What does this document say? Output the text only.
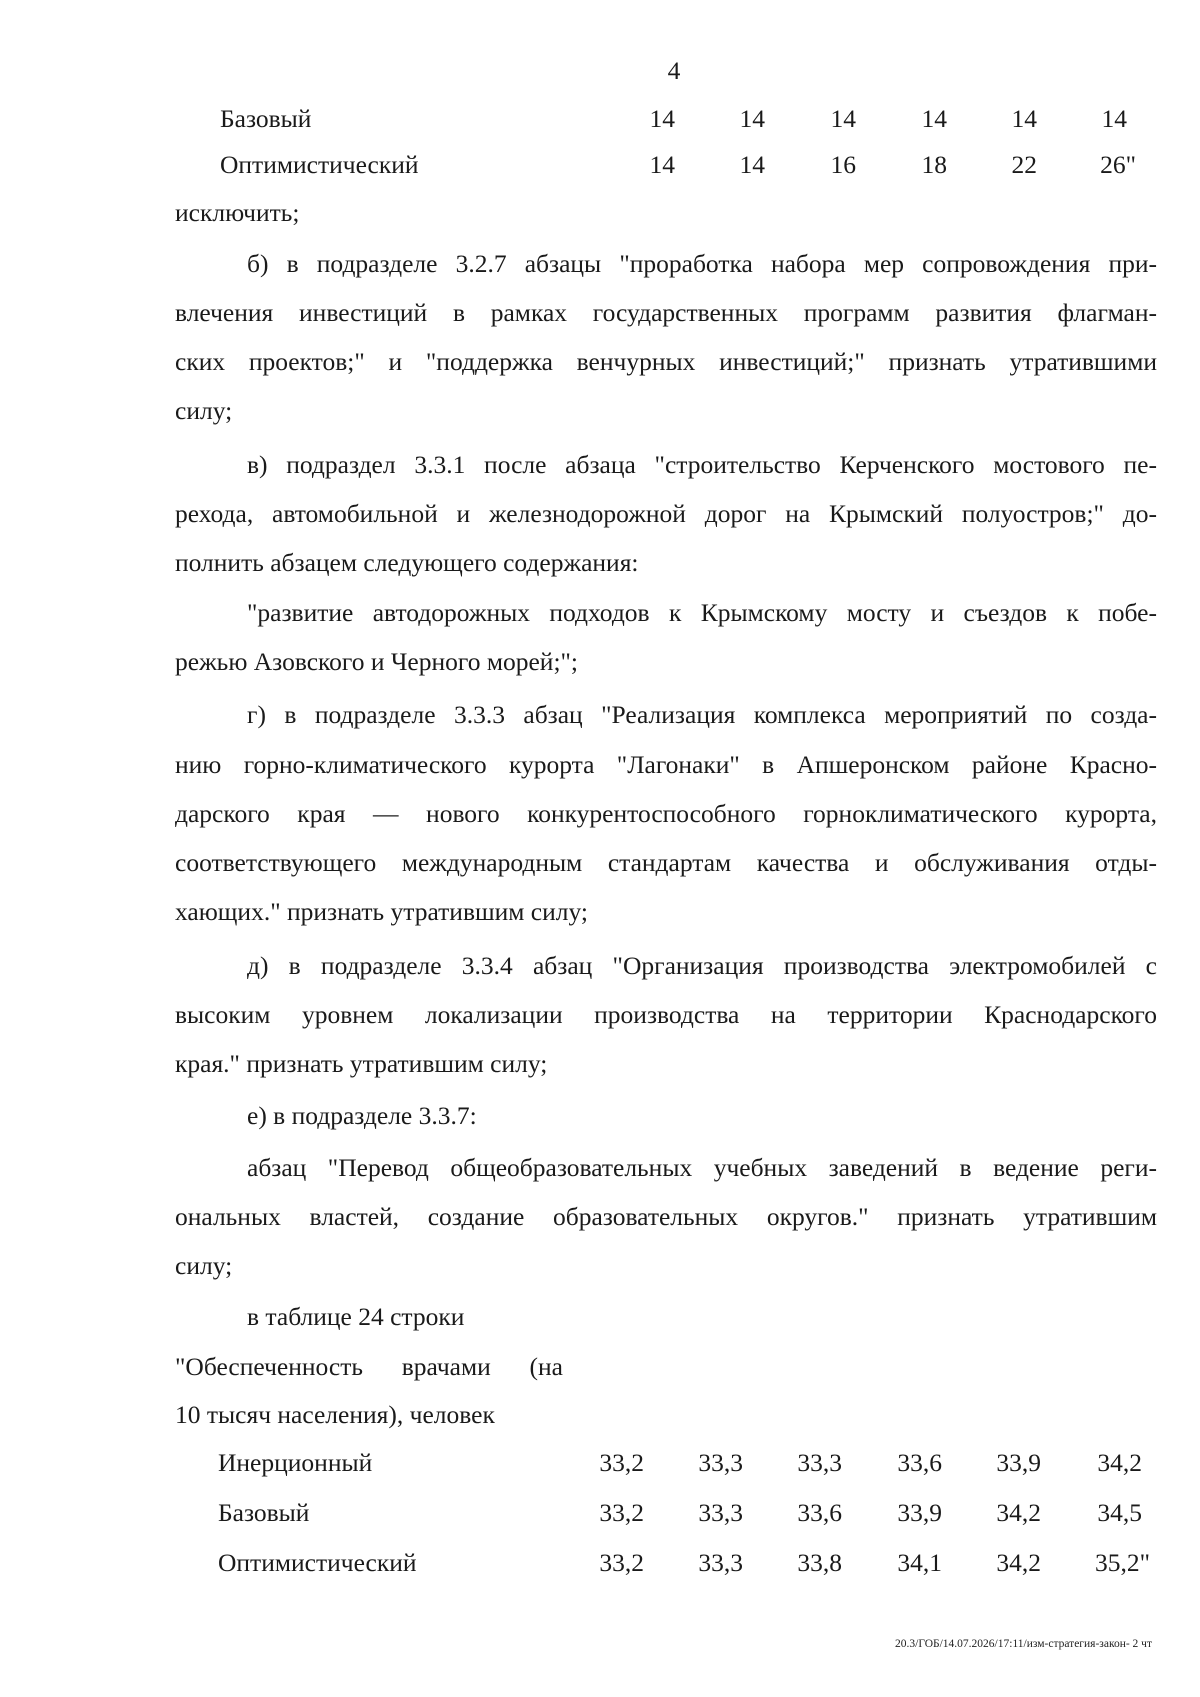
4
Базовый	14	14	14	14	14	14
Оптимистический	14	14	16	18	22 26"
исключить;
б) в подразделе 3.2.7 абзацы "проработка набора мер сопровождения при-
влечения инвестиций в рамках государственных программ развития флагман-
ских проектов;" и "поддержка венчурных инвестиций;" признать утратившими
силу;
в) подраздел 3.3.1 после абзаца "строительство Керченского мостового пе-
рехода, автомобильной и железнодорожной дорог на Крымский полуостров;" до-
полнить абзацем следующего содержания:
"развитие автодорожных подходов к Крымскому мосту и съездов к побе-
режью Азовского и Черного морей;";
г) в подразделе 3.3.3 абзац "Реализация комплекса мероприятий по созда-
нию горно-климатического курорта "Лагонаки" в Апшеронском районе Красно-
дарского края — нового конкурентоспособного горноклиматического курорта,
соответствующего международным стандартам качества и обслуживания отды-
хающих." признать утратившим силу;
д) в подразделе 3.3.4 абзац "Организация производства электромобилей с
высоким уровнем локализации производства на территории Краснодарского
края." признать утратившим силу;
е) в подразделе 3.3.7:
абзац "Перевод общеобразовательных учебных заведений в ведение реги-
ональных властей, создание образовательных округов." признать утратившим
силу;
в таблице 24 строки
"Обеспеченность врачами (на
10 тысяч населения), человек
Инерционный	33,2 33,3 33,3 33,6 33,9 34,2
Базовый	33,2 33,3 33,6 33,9 34,2 34,5
Оптимистический	33,2 33,3 33,8 34,1 34,2 35,2"
20.3/ГОБ/14.07.2026/17:11/изм-стратегия-закон- 2 чт
